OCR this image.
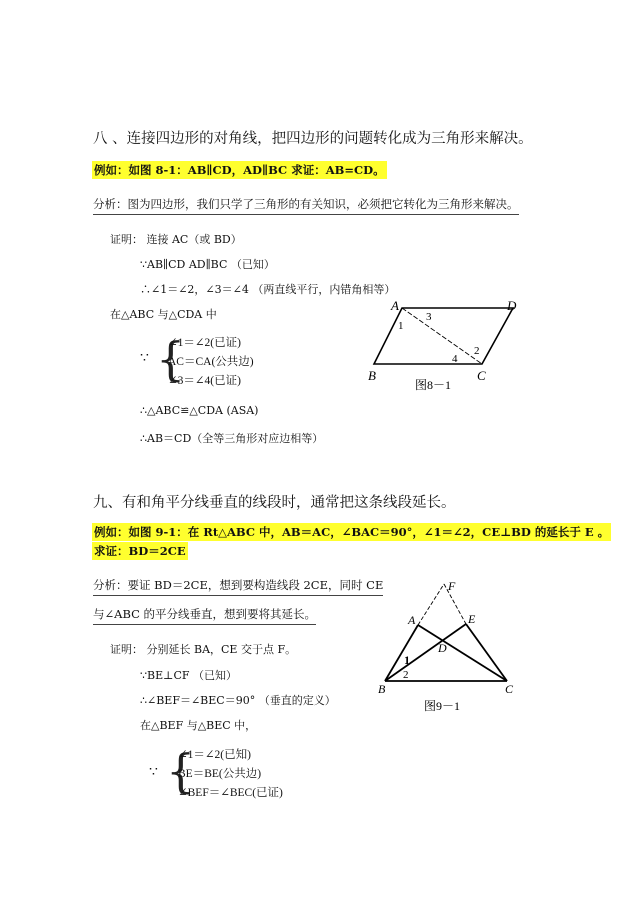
八 、连接四边形的对角线，把四边形的问题转化成为三角形来解决。
例如：如图 8-1：AB∥CD，AD∥BC 求证：AB=CD。
分析：图为四边形，我们只学了三角形的有关知识，必须把它转化为三角形来解决。
证明： 连接 AC（或 BD）
∵AB∥CD AD∥BC （已知）
∴∠1＝∠2，∠3＝∠4 （两直线平行，内错角相等）
在△ABC 与△CDA 中
∵ {
∠1＝∠2(已证)
AC＝CA(公共边)
∠3＝∠4(已证)
∴△ABC≌△CDA (ASA)
∴AB＝CD（全等三角形对应边相等）
A	D
B	C
1
2
3
4
图8－1
九、有和角平分线垂直的线段时，通常把这条线段延长。
例如：如图 9-1：在 Rt△ABC 中，AB＝AC，∠BAC＝90°，∠1＝∠2，CE⊥BD 的延长于 E 。
求证：BD＝2CE
分析：要证 BD＝2CE，想到要构造线段 2CE，同时 CE
与∠ABC 的平分线垂直，想到要将其延长。
证明： 分别延长 BA，CE 交于点 F。
∵BE⊥CF （已知）
∴∠BEF＝∠BEC＝90° （垂直的定义）
在△BEF 与△BEC 中，
∵ {
∠1＝∠2(已知)
BE＝BE(公共边)
∠BEF＝∠BEC(已证)
F
A	E
D
B	C
1
2
图9－1
